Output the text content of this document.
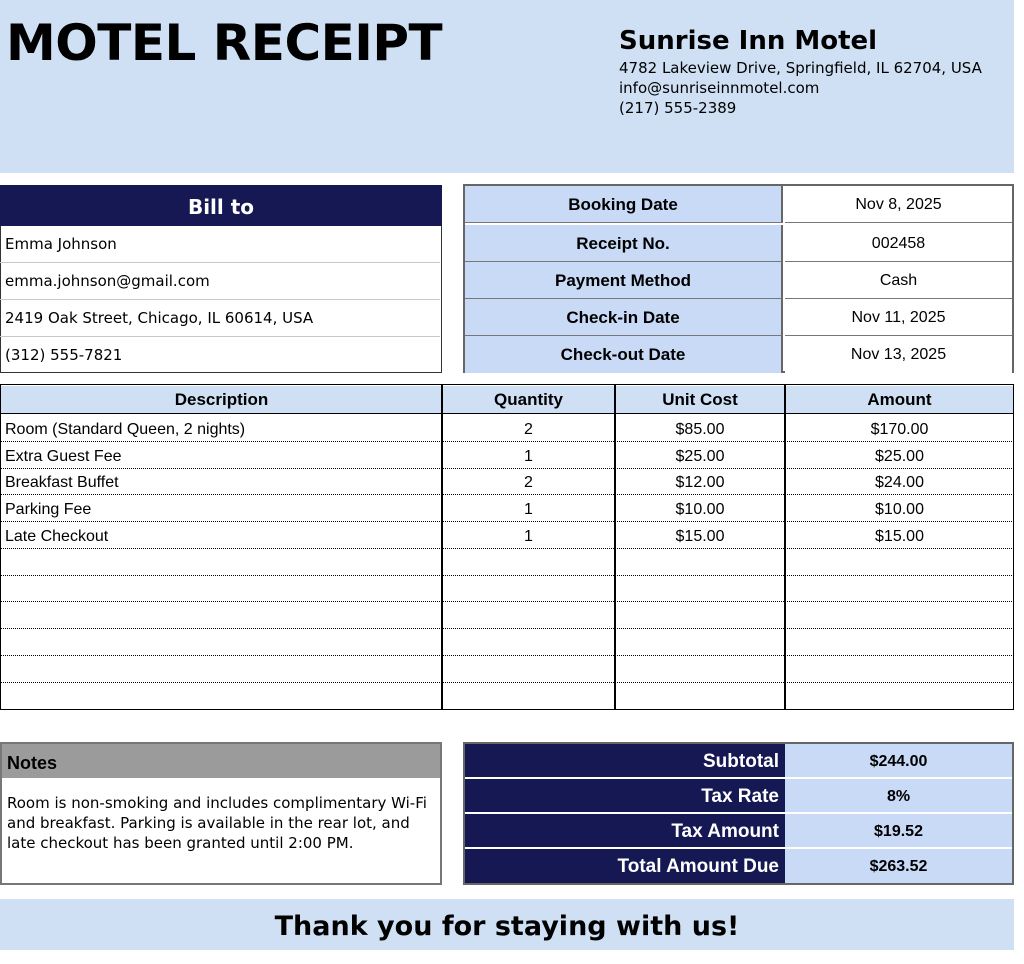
MOTEL RECEIPT	Sunrise Inn Motel
4782 Lakeview Drive, Springfield, IL 62704, USA
info@sunriseinnmotel.com
(217) 555-2389
Bill to
Emma Johnson
emma.johnson@gmail.com
2419 Oak Street, Chicago, IL 60614, USA
(312) 555-7821
Booking Date	Nov 8, 2025
Receipt No.	002458
Payment Method	Cash
Check-in Date	Nov 11, 2025
Check-out Date	Nov 13, 2025
Description	Quantity	Unit Cost	Amount
Room (Standard Queen, 2 nights)	2	$85.00	$170.00
Extra Guest Fee	1	$25.00	$25.00
Breakfast Buffet	2	$12.00	$24.00
Parking Fee	1	$10.00	$10.00
Late Checkout	1	$15.00	$15.00
Notes
Room is non-smoking and includes complimentary Wi-Fi and breakfast. Parking is available in the rear lot, and late checkout has been granted until 2:00 PM.
Subtotal	$244.00
Tax Rate	8%
Tax Amount	$19.52
Total Amount Due	$263.52
Thank you for staying with us!
